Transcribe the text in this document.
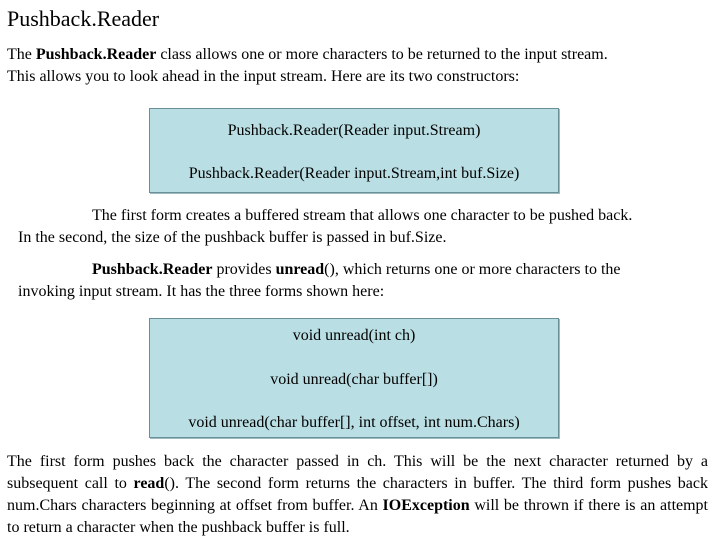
Pushback.Reader

The Pushback.Reader class allows one or more characters to be returned to the input stream.
This allows you to look ahead in the input stream. Here are its two constructors:

Pushback.Reader(Reader input.Stream)
Pushback.Reader(Reader input.Stream,int buf.Size)

The first form creates a buffered stream that allows one character to be pushed back.
In the second, the size of the pushback buffer is passed in buf.Size.

Pushback.Reader provides unread(), which returns one or more characters to the
invoking input stream. It has the three forms shown here:

void unread(int ch)
void unread(char buffer[])
void unread(char buffer[], int offset, int num.Chars)

The first form pushes back the character passed in ch. This will be the next character returned by a subsequent call to read(). The second form returns the characters in buffer. The third form pushes back num.Chars characters beginning at offset from buffer. An IOException will be thrown if there is an attempt to return a character when the pushback buffer is full.
